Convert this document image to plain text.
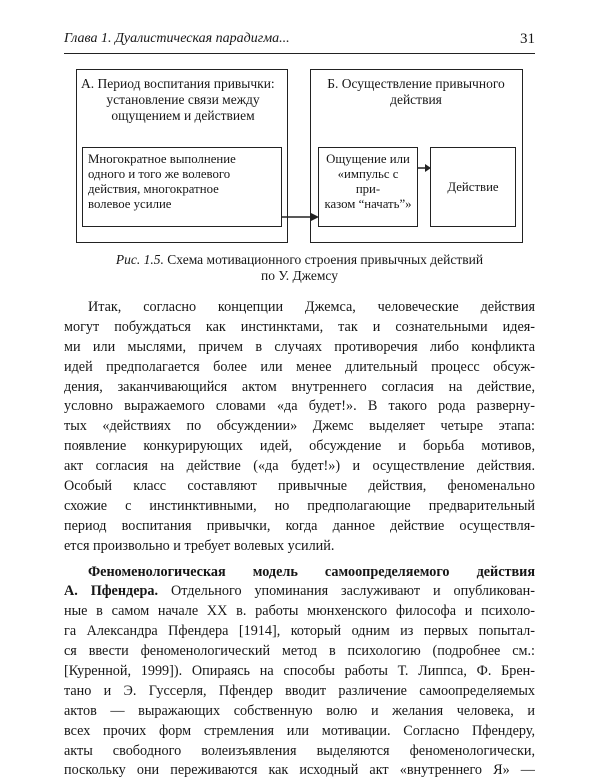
Глава 1. Дуалистическая парадигма...	31
А. Период воспитания привычки:
установление связи между
ощущением и действием
Многократное выполнение
одного и того же волевого
действия, многократное
волевое усилие
Б. Осуществление привычного
действия
Ощущение или
«импульс с при-
казом “начать”»
Действие
Рис. 1.5. Схема мотивационного строения привычных действий
по У. Джемсу
Итак, согласно концепции Джемса, человеческие действия
могут побуждаться как инстинктами, так и сознательными идея-
ми или мыслями, причем в случаях противоречия либо конфликта
идей предполагается более или менее длительный процесс обсуж-
дения, заканчивающийся актом внутреннего согласия на действие,
условно выражаемого словами «да будет!». В такого рода разверну-
тых «действиях по обсуждении» Джемс выделяет четыре этапа:
появление конкурирующих идей, обсуждение и борьба мотивов,
акт согласия на действие («да будет!») и осуществление действия.
Особый класс составляют привычные действия, феноменально
схожие с инстинктивными, но предполагающие предварительный
период воспитания привычки, когда данное действие осуществля-
ется произвольно и требует волевых усилий.
Феноменологическая модель самоопределяемого действия
А. Пфендера. Отдельного упоминания заслуживают и опубликован-
ные в самом начале XX в. работы мюнхенского философа и психоло-
га Александра Пфендера [1914], который одним из первых попытал-
ся ввести феноменологический метод в психологию (подробнее см.:
[Куренной, 1999]). Опираясь на способы работы Т. Липпса, Ф. Брен-
тано и Э. Гуссерля, Пфендер вводит различение самоопределяемых
актов — выражающих собственную волю и желания человека, и
всех прочих форм стремления или мотивации. Согласно Пфендеру,
акты свободного волеизъявления выделяются феноменологически,
поскольку они переживаются как исходный акт «внутреннего Я» —
